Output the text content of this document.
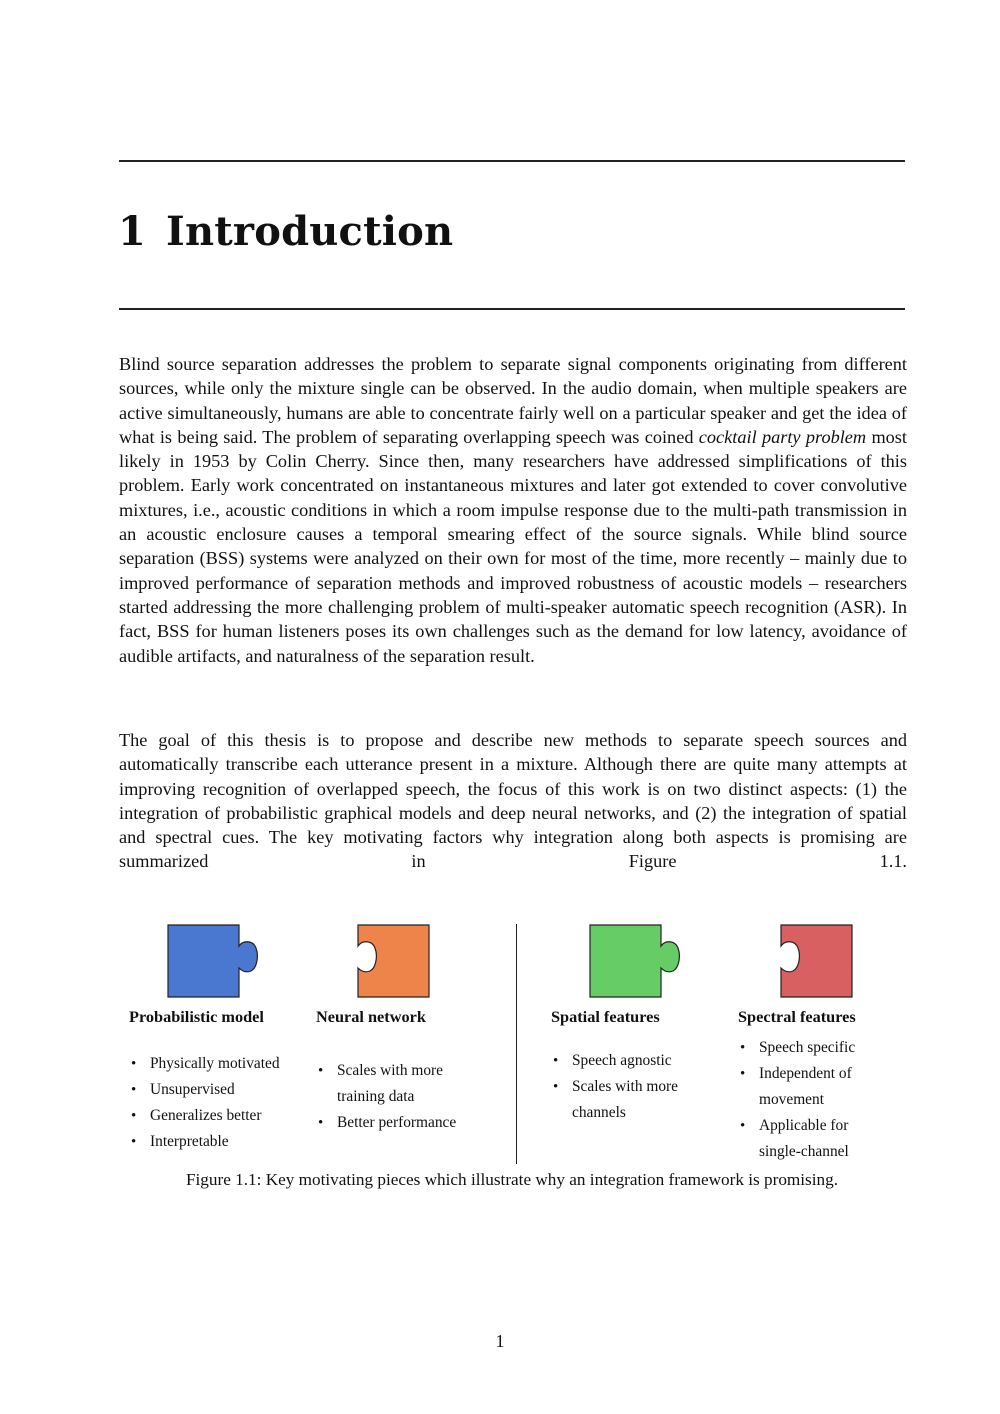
1 Introduction

Blind source separation addresses the problem to separate signal components originating from different sources, while only the mixture single can be observed. In the audio domain, when multiple speakers are active simultaneously, humans are able to concentrate fairly well on a particular speaker and get the idea of what is being said. The problem of separating overlapping speech was coined cocktail party problem most likely in 1953 by Colin Cherry. Since then, many researchers have addressed simplifications of this problem. Early work concentrated on instantaneous mixtures and later got extended to cover convolutive mixtures, i.e., acoustic conditions in which a room impulse response due to the multi-path transmission in an acoustic enclosure causes a temporal smearing effect of the source signals. While blind source separation (BSS) systems were analyzed on their own for most of the time, more recently – mainly due to improved performance of separation methods and improved robustness of acoustic models – researchers started addressing the more challenging problem of multi-speaker automatic speech recognition (ASR). In fact, BSS for human listeners poses its own challenges such as the demand for low latency, avoidance of audible artifacts, and naturalness of the separation result.

The goal of this thesis is to propose and describe new methods to separate speech sources and automatically transcribe each utterance present in a mixture. Although there are quite many attempts at improving recognition of overlapped speech, the focus of this work is on two distinct aspects: (1) the integration of probabilistic graphical models and deep neural networks, and (2) the integration of spatial and spectral cues. The key motivating factors why integration along both aspects is promising are summarized in Figure 1.1.

Probabilistic model	Neural network	Spatial features	Spectral features
• Physically motivated
• Unsupervised
• Generalizes better
• Interpretable
• Scales with more
training data
• Better performance
• Speech agnostic
• Scales with more
channels
• Speech specific
• Independent of
movement
• Applicable for
single-channel
Figure 1.1: Key motivating pieces which illustrate why an integration framework is promising.
1
